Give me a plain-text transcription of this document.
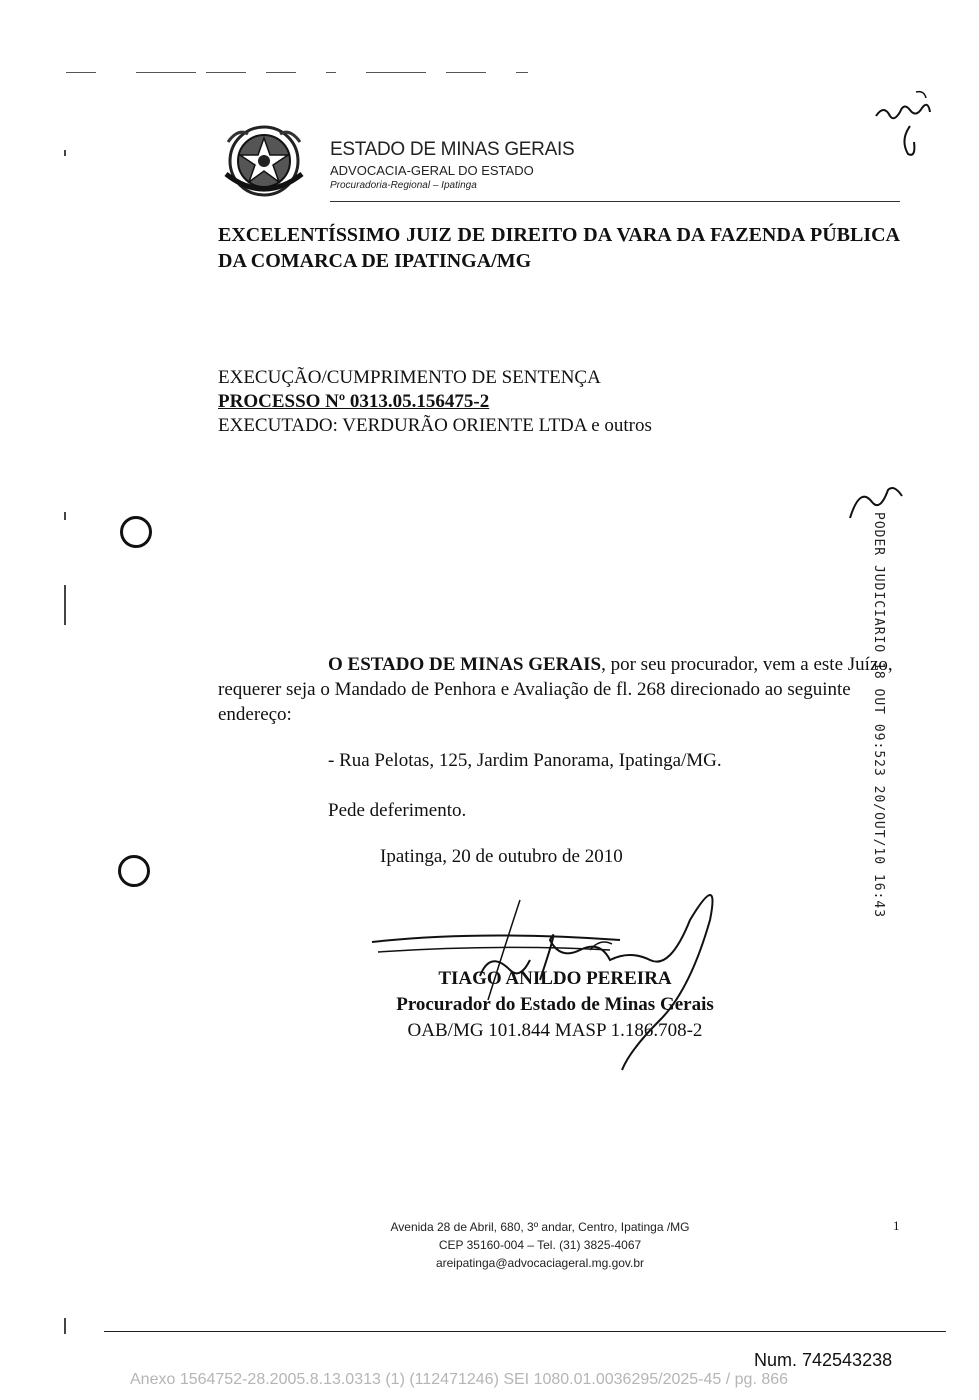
ESTADO DE MINAS GERAIS
ADVOCACIA-GERAL DO ESTADO
Procuradoria-Regional – Ipatinga
EXCELENTÍSSIMO JUIZ DE DIREITO DA VARA DA FAZENDA PÚBLICA DA COMARCA DE IPATINGA/MG
EXECUÇÃO/CUMPRIMENTO DE SENTENÇA
PROCESSO Nº 0313.05.156475-2
EXECUTADO: VERDURÃO ORIENTE LTDA e outros
PODER JUDICIARIO 18 OUT 09:523 20/OUT/10 16:43
O ESTADO DE MINAS GERAIS, por seu procurador, vem a este Juízo, requerer seja o Mandado de Penhora e Avaliação de fl. 268 direcionado ao seguinte endereço:
- Rua Pelotas, 125, Jardim Panorama, Ipatinga/MG.
Pede deferimento.
Ipatinga, 20 de outubro de 2010
TIAGO ANILDO PEREIRA
Procurador do Estado de Minas Gerais
OAB/MG 101.844 MASP 1.186.708-2
Avenida 28 de Abril, 680, 3º andar, Centro, Ipatinga /MG
CEP 35160-004 – Tel. (31) 3825-4067
areipatinga@advocaciageral.mg.gov.br
1
Num. 742543238
Anexo 1564752-28.2005.8.13.0313 (1) (112471246) SEI 1080.01.0036295/2025-45 / pg. 866
